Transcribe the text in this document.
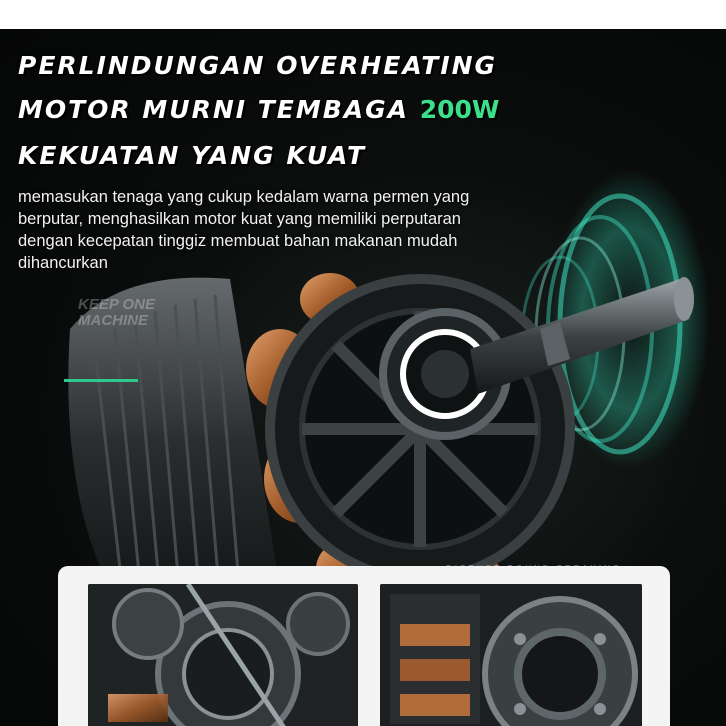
PERLINDUNGAN OVERHEATING
MOTOR MURNI TEMBAGA 200W
KEKUATAN YANG KUAT

memasukan tenaga yang cukup kedalam warna permen yang berputar, menghasilkan motor kuat yang memiliki perputaran dengan kecepatan tinggiz membuat bahan makanan mudah dihancurkan

KEEP ONE
MACHINE
